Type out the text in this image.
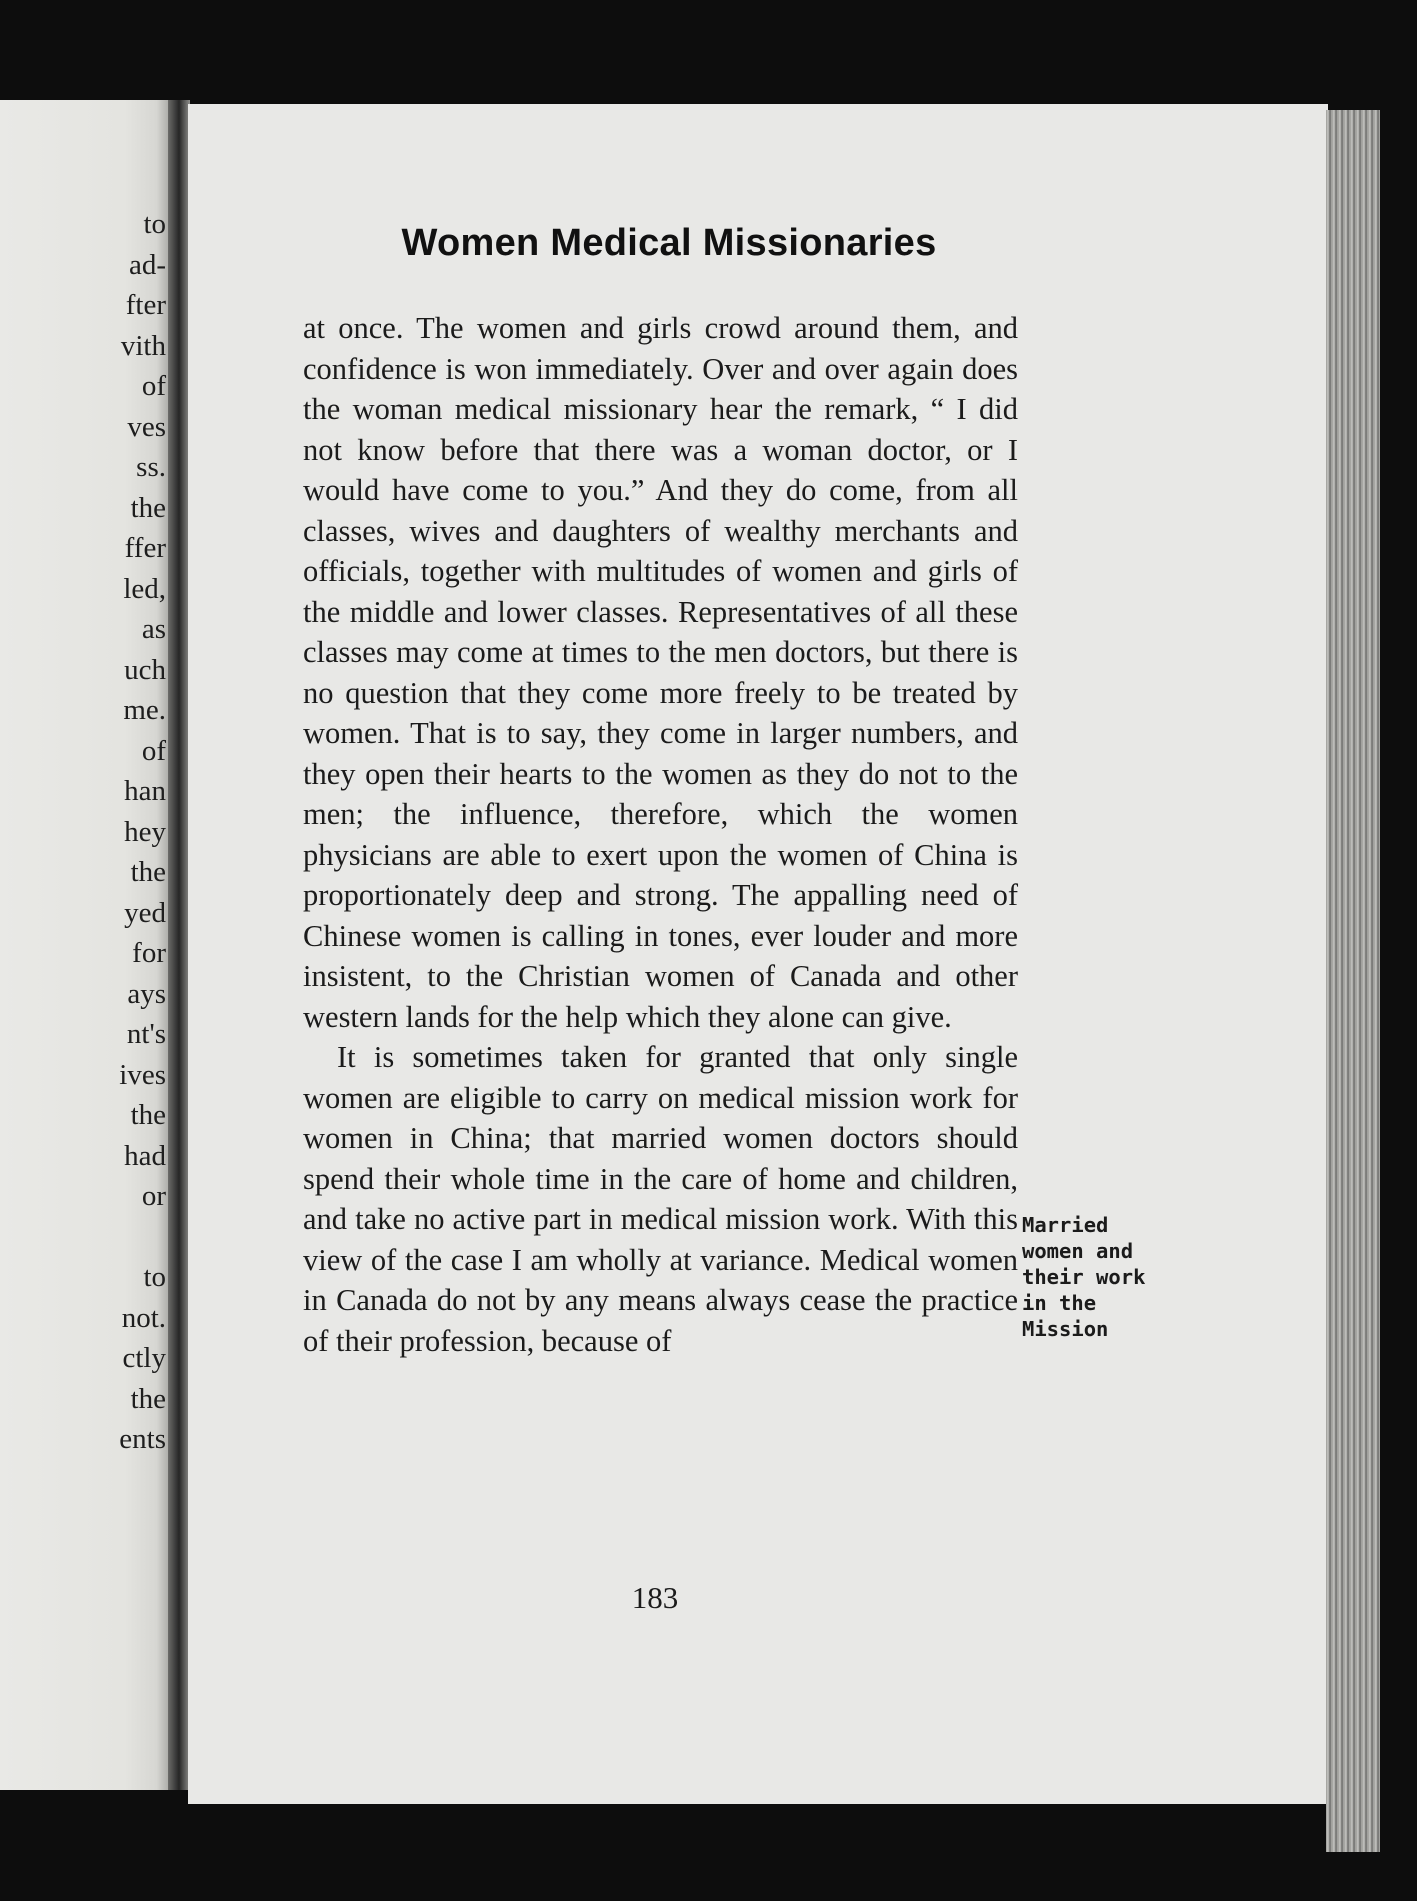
to
ad-
fter
vith
of
ves
ss.
the
ffer
led,
as
uch
me.
of
han
hey
the
yed
for
ays
nt's
ives
the
had
or
to
not.
ctly
the
ents
Women Medical Missionaries

at once. The women and girls crowd around them, and confidence is won immediately. Over and over again does the woman medical missionary hear the remark, “ I did not know before that there was a woman doctor, or I would have come to you.” And they do come, from all classes, wives and daughters of wealthy merchants and officials, together with multitudes of women and girls of the middle and lower classes. Representatives of all these classes may come at times to the men doctors, but there is no question that they come more freely to be treated by women. That is to say, they come in larger numbers, and they open their hearts to the women as they do not to the men; the influence, therefore, which the women physicians are able to exert upon the women of China is proportionately deep and strong. The appalling need of Chinese women is calling in tones, ever louder and more insistent, to the Christian women of Canada and other western lands for the help which they alone can give.

It is sometimes taken for granted that only single women are eligible to carry on medical mission work for women in China; that married women doctors should spend their whole time in the care of home and children, and take no active part in medical mission work. With this view of the case I am wholly at variance. Medical women in Canada do not by any means always cease the practice of their profession, because of

Married women and their work in the Mission
183
